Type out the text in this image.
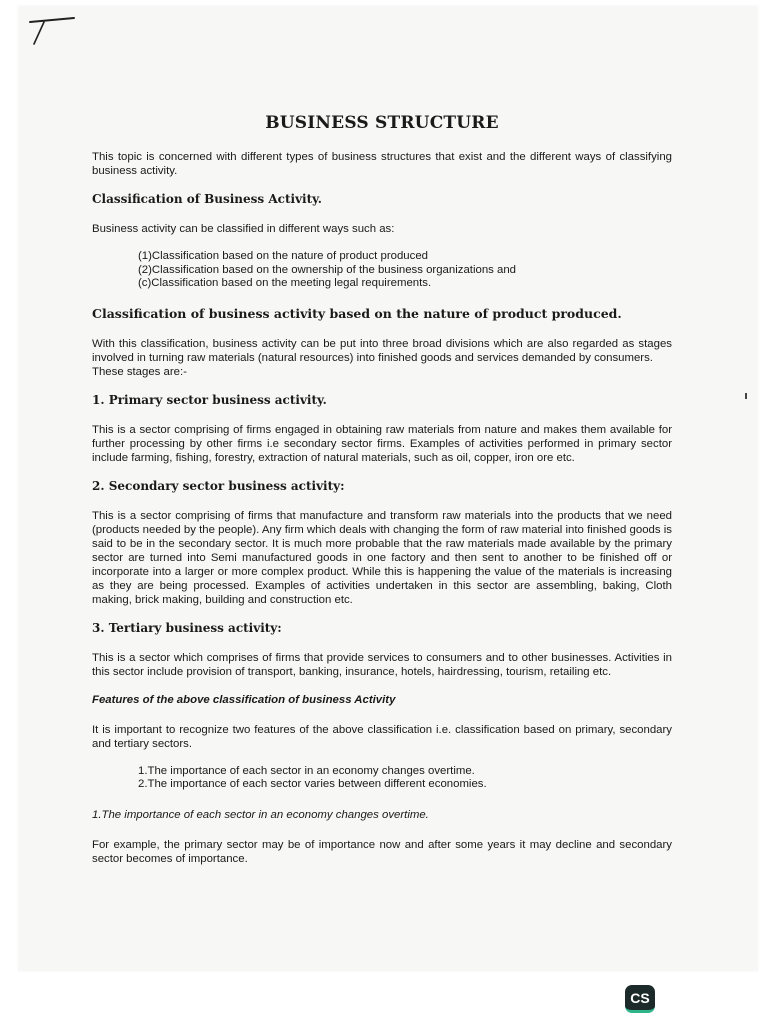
BUSINESS STRUCTURE
This topic is concerned with different types of business structures that exist and the different ways of classifying business activity.
Classification of Business Activity.
Business activity can be classified in different ways such as:
(1)Classification based on the nature of product produced
(2)Classification based on the ownership of the business organizations and
(c)Classification based on the meeting legal requirements.
Classification of business activity based on the nature of product produced.
With this classification, business activity can be put into three broad divisions which are also regarded as stages involved in turning raw materials (natural resources) into finished goods and services demanded by consumers.
These stages are:-
1. Primary sector business activity.
This is a sector comprising of firms engaged in obtaining raw materials from nature and makes them available for further processing by other firms i.e secondary sector firms. Examples of activities performed in primary sector include farming, fishing, forestry, extraction of natural materials, such as oil, copper, iron ore etc.
2. Secondary sector business activity:
This is a sector comprising of firms that manufacture and transform raw materials into the products that we need (products needed by the people). Any firm which deals with changing the form of raw material into finished goods is said to be in the secondary sector. It is much more probable that the raw materials made available by the primary sector are turned into Semi manufactured goods in one factory and then sent to another to be finished off or incorporate into a larger or more complex product. While this is happening the value of the materials is increasing as they are being processed. Examples of activities undertaken in this sector are assembling, baking, Cloth making, brick making, building and construction etc.
3. Tertiary business activity:
This is a sector which comprises of firms that provide services to consumers and to other businesses. Activities in this sector include provision of transport, banking, insurance, hotels, hairdressing, tourism, retailing etc.
Features of the above classification of business Activity
It is important to recognize two features of the above classification i.e. classification based on primary, secondary and tertiary sectors.
1.The importance of each sector in an economy changes overtime.
2.The importance of each sector varies between different economies.
1.The importance of each sector in an economy changes overtime.
For example, the primary sector may be of importance now and after some years it may decline and secondary sector becomes of importance.
CS
